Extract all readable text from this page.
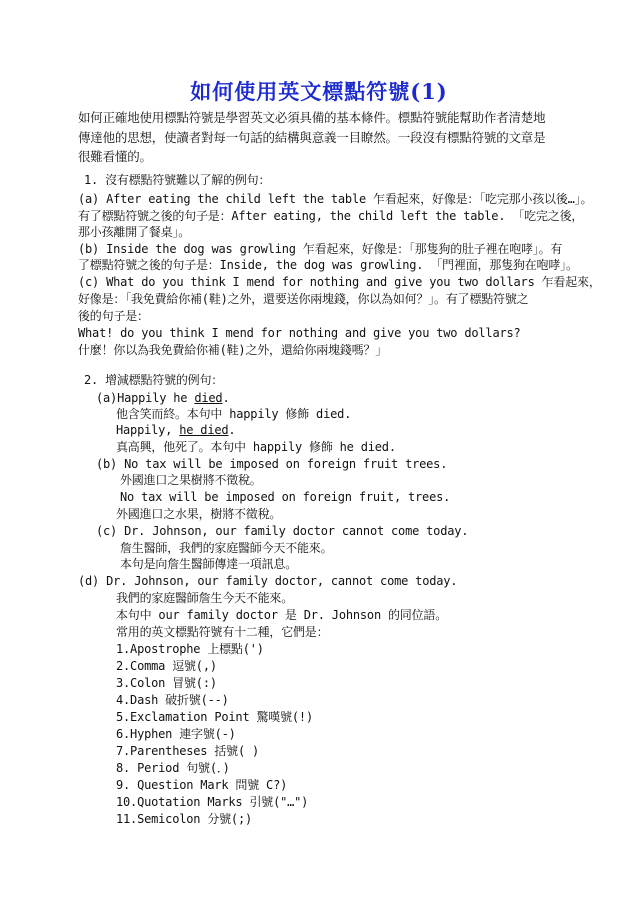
如何使用英文標點符號(1)

如何正確地使用標點符號是學習英文必須具備的基本條件。標點符號能幫助作者清楚地
傳達他的思想，使讀者對每一句話的結構與意義一目瞭然。一段沒有標點符號的文章是
很難看懂的。

1. 沒有標點符號難以了解的例句：

(a) After eating the child left the table 乍看起來，好像是：「吃完那小孩以後…」。

有了標點符號之後的句子是：After eating, the child left the table. 「吃完之後，

那小孩離開了餐桌」。

(b) Inside the dog was growling 乍看起來，好像是：「那隻狗的肚子裡在咆哮」。有

了標點符號之後的句子是：Inside, the dog was growling. 「門裡面，那隻狗在咆哮」。

(c) What do you think I mend for nothing and give you two dollars 乍看起來，

好像是：「我免費給你補(鞋)之外，還要送你兩塊錢，你以為如何？」。有了標點符號之

後的句子是：

What! do you think I mend for nothing and give you two dollars?

什麼！你以為我免費給你補(鞋)之外，還給你兩塊錢嗎？」

2. 增減標點符號的例句：

(a)Happily he died.

他含笑而終。本句中 happily 修飾 died.

Happily, he died.

真高興，他死了。本句中 happily 修飾 he died.

(b) No tax will be imposed on foreign fruit trees.

外國進口之果樹將不徵稅。

No tax will be imposed on foreign fruit, trees.

外國進口之水果，樹將不徵稅。

(c) Dr. Johnson, our family doctor cannot come today.

詹生醫師，我們的家庭醫師今天不能來。

本句是向詹生醫師傳達一項訊息。

(d) Dr. Johnson, our family doctor, cannot come today.

我們的家庭醫師詹生今天不能來。

本句中 our family doctor 是 Dr. Johnson 的同位語。

常用的英文標點符號有十二種，它們是：

1.Apostrophe 上標點(')

2.Comma 逗號(,)

3.Colon 冒號(:)

4.Dash 破折號(--)

5.Exclamation Point 驚嘆號(!)

6.Hyphen 連字號(-)

7.Parentheses 括號( )

8. Period 句號(．)

9. Question Mark 問號 C?)

10.Quotation Marks 引號("…")

11.Semicolon 分號(;)
